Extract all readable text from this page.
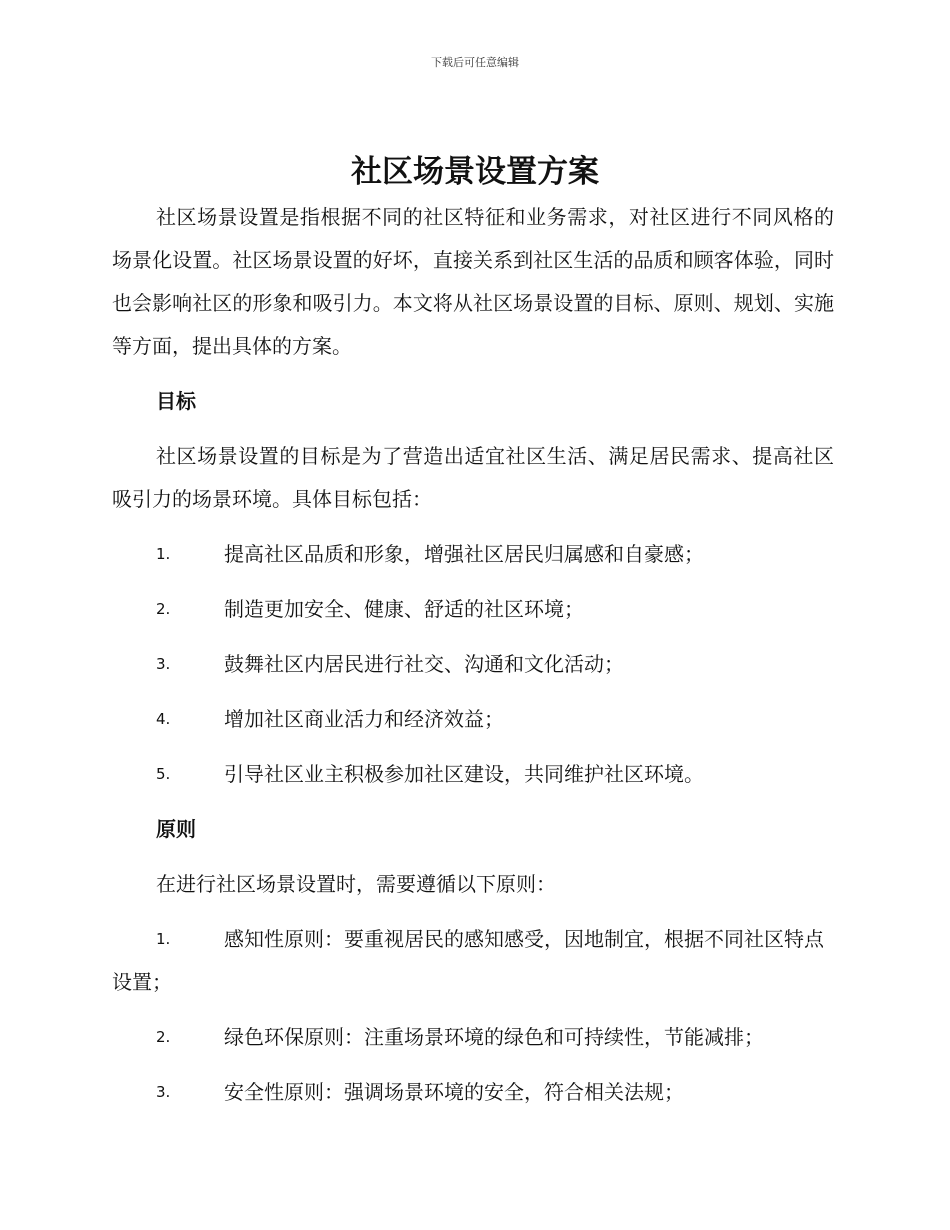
下载后可任意编辑
社区场景设置方案

社区场景设置是指根据不同的社区特征和业务需求，对社区进行不同风格的场景化设置。社区场景设置的好坏，直接关系到社区生活的品质和顾客体验，同时也会影响社区的形象和吸引力。本文将从社区场景设置的目标、原则、规划、实施等方面，提出具体的方案。

目标

社区场景设置的目标是为了营造出适宜社区生活、满足居民需求、提高社区吸引力的场景环境。具体目标包括：

1.	提高社区品质和形象，增强社区居民归属感和自豪感；
2.	制造更加安全、健康、舒适的社区环境；
3.	鼓舞社区内居民进行社交、沟通和文化活动；
4.	增加社区商业活力和经济效益；
5.	引导社区业主积极参加社区建设，共同维护社区环境。
原则

在进行社区场景设置时，需要遵循以下原则：

1.	感知性原则：要重视居民的感知感受，因地制宜，根据不同社区特点设置；
2.	绿色环保原则：注重场景环境的绿色和可持续性，节能减排；
3.	安全性原则：强调场景环境的安全，符合相关法规；
